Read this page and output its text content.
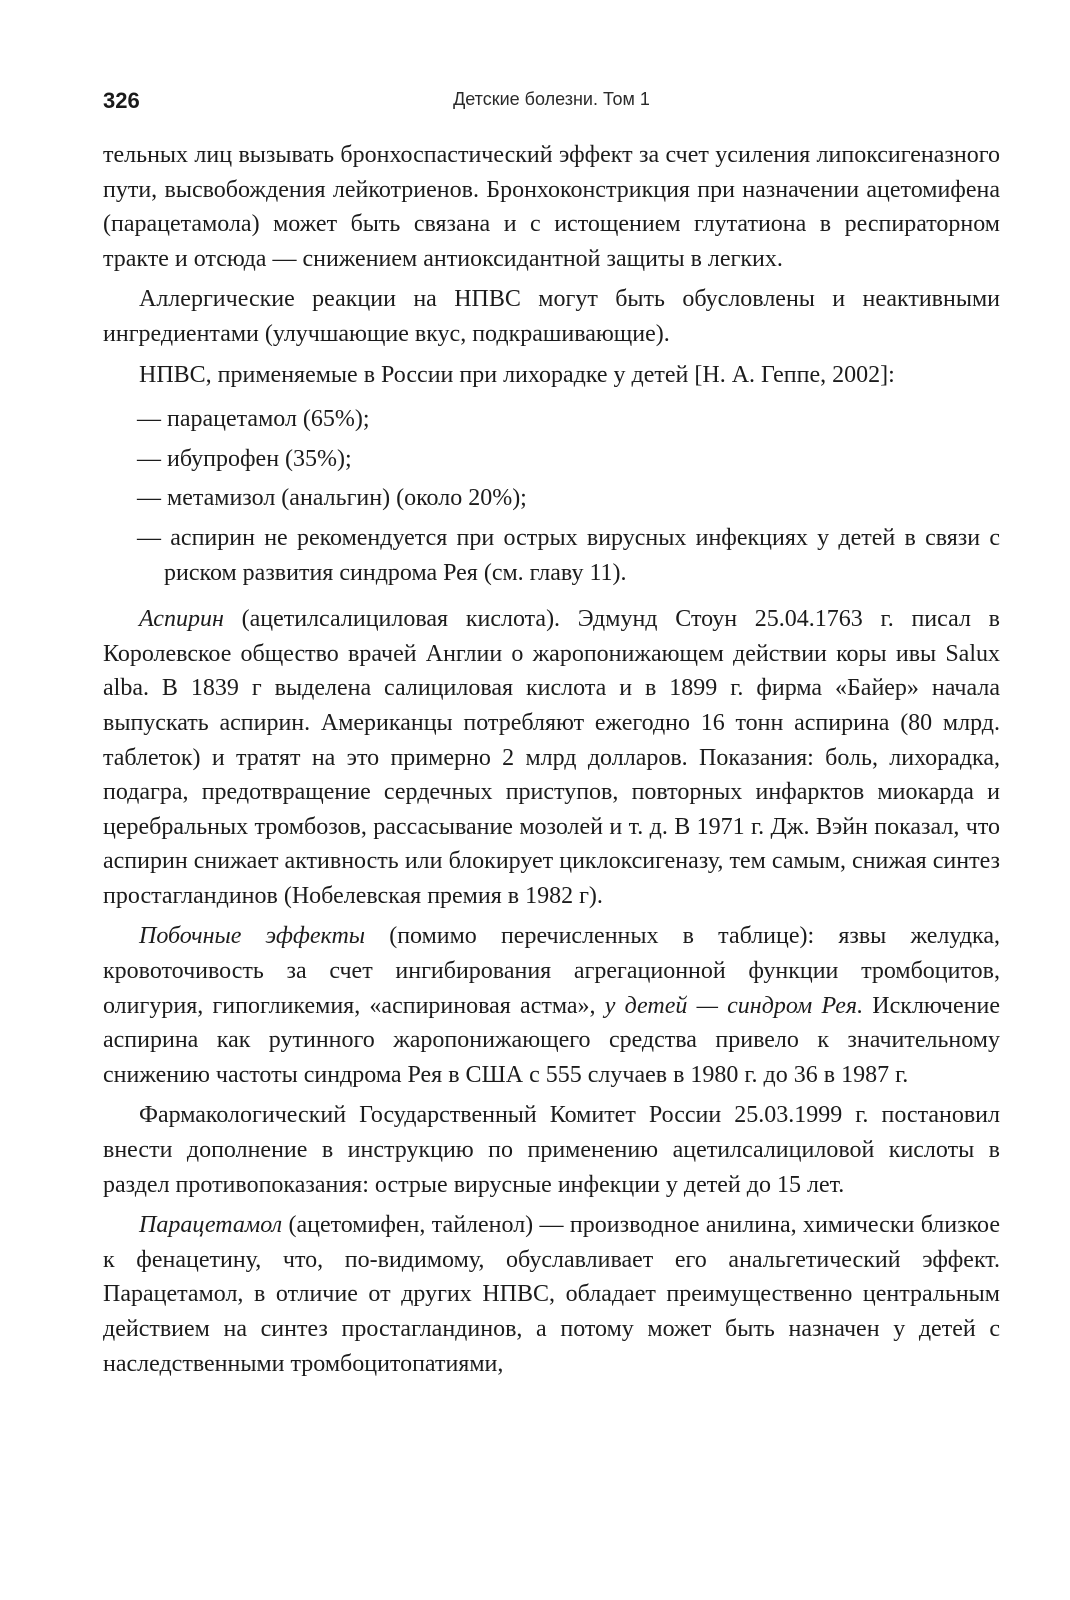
326	Детские болезни. Том 1

тельных лиц вызывать бронхоспастический эффект за счет усиления липоксигеназного пути, высвобождения лейкотриенов. Бронхоконстрикция при назначении ацетомифена (парацетамола) может быть связана и с истощением глутатиона в респираторном тракте и отсюда — снижением антиоксидантной защиты в легких.

Аллергические реакции на НПВС могут быть обусловлены и неактивными ингредиентами (улучшающие вкус, подкрашивающие).

НПВС, применяемые в России при лихорадке у детей [Н. А. Геппе, 2002]:

— парацетамол (65%);
— ибупрофен (35%);
— метамизол (анальгин) (около 20%);
— аспирин не рекомендуется при острых вирусных инфекциях у детей в связи с риском развития синдрома Рея (см. главу 11).

Аспирин (ацетилсалициловая кислота). Эдмунд Стоун 25.04.1763 г. писал в Королевское общество врачей Англии о жаропонижающем действии коры ивы Salux alba. В 1839 г выделена салициловая кислота и в 1899 г. фирма «Байер» начала выпускать аспирин. Американцы потребляют ежегодно 16 тонн аспирина (80 млрд. таблеток) и тратят на это примерно 2 млрд долларов. Показания: боль, лихорадка, подагра, предотвращение сердечных приступов, повторных инфарктов миокарда и церебральных тромбозов, рассасывание мозолей и т. д. В 1971 г. Дж. Вэйн показал, что аспирин снижает активность или блокирует циклоксигеназу, тем самым, снижая синтез простагландинов (Нобелевская премия в 1982 г).

Побочные эффекты (помимо перечисленных в таблице): язвы желудка, кровоточивость за счет ингибирования агрегационной функции тромбоцитов, олигурия, гипогликемия, «аспириновая астма», у детей — синдром Рея. Исключение аспирина как рутинного жаропонижающего средства привело к значительному снижению частоты синдрома Рея в США с 555 случаев в 1980 г. до 36 в 1987 г.

Фармакологический Государственный Комитет России 25.03.1999 г. постановил внести дополнение в инструкцию по применению ацетилсалициловой кислоты в раздел противопоказания: острые вирусные инфекции у детей до 15 лет.

Парацетамол (ацетомифен, тайленол) — производное анилина, химически близкое к фенацетину, что, по-видимому, обуславливает его анальгетический эффект. Парацетамол, в отличие от других НПВС, обладает преимущественно центральным действием на синтез простагландинов, а потому может быть назначен у детей с наследственными тромбоцитопатиями,
